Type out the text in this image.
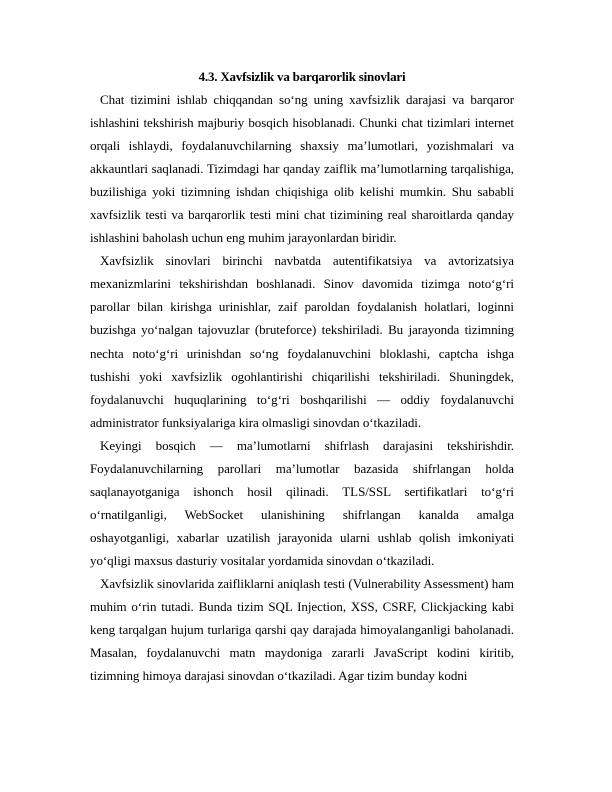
4.3. Xavfsizlik va barqarorlik sinovlari

Chat tizimini ishlab chiqqandan so‘ng uning xavfsizlik darajasi va barqaror ishlashini tekshirish majburiy bosqich hisoblanadi. Chunki chat tizimlari internet orqali ishlaydi, foydalanuvchilarning shaxsiy ma’lumotlari, yozishmalari va akkauntlari saqlanadi. Tizimdagi har qanday zaiflik ma’lumotlarning tarqalishiga, buzilishiga yoki tizimning ishdan chiqishiga olib kelishi mumkin. Shu sababli xavfsizlik testi va barqarorlik testi mini chat tizimining real sharoitlarda qanday ishlashini baholash uchun eng muhim jarayonlardan biridir.

Xavfsizlik sinovlari birinchi navbatda autentifikatsiya va avtorizatsiya mexanizmlarini tekshirishdan boshlanadi. Sinov davomida tizimga noto‘g‘ri parollar bilan kirishga urinishlar, zaif paroldan foydalanish holatlari, loginni buzishga yo‘nalgan tajovuzlar (bruteforce) tekshiriladi. Bu jarayonda tizimning nechta noto‘g‘ri urinishdan so‘ng foydalanuvchini bloklashi, captcha ishga tushishi yoki xavfsizlik ogohlantirishi chiqarilishi tekshiriladi. Shuningdek, foydalanuvchi huquqlarining to‘g‘ri boshqarilishi — oddiy foydalanuvchi administrator funksiyalariga kira olmasligi sinovdan o‘tkaziladi.

Keyingi bosqich — ma’lumotlarni shifrlash darajasini tekshirishdir. Foydalanuvchilarning parollari ma’lumotlar bazasida shifrlangan holda saqlanayotganiga ishonch hosil qilinadi. TLS/SSL sertifikatlari to‘g‘ri o‘rnatilganligi, WebSocket ulanishining shifrlangan kanalda amalga oshayotganligi, xabarlar uzatilish jarayonida ularni ushlab qolish imkoniyati yo‘qligi maxsus dasturiy vositalar yordamida sinovdan o‘tkaziladi.

Xavfsizlik sinovlarida zaifliklarni aniqlash testi (Vulnerability Assessment) ham muhim o‘rin tutadi. Bunda tizim SQL Injection, XSS, CSRF, Clickjacking kabi keng tarqalgan hujum turlariga qarshi qay darajada himoyalanganligi baholanadi. Masalan, foydalanuvchi matn maydoniga zararli JavaScript kodini kiritib, tizimning himoya darajasi sinovdan o‘tkaziladi. Agar tizim bunday kodni
